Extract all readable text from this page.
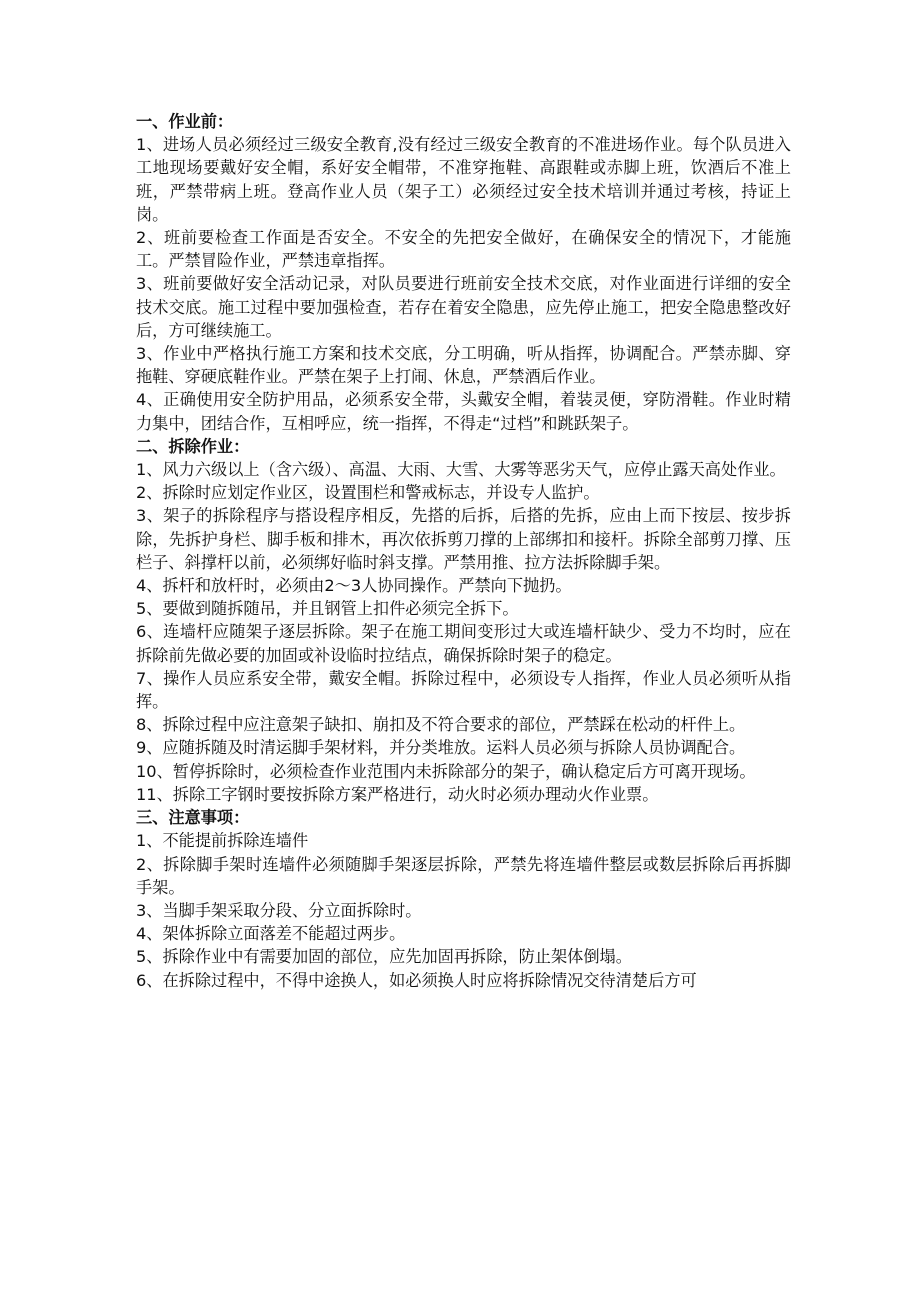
一、作业前：
1、进场人员必须经过三级安全教育,没有经过三级安全教育的不准进场作业。每个队员进入工地现场要戴好安全帽，系好安全帽带，不准穿拖鞋、高跟鞋或赤脚上班，饮酒后不准上班，严禁带病上班。登高作业人员（架子工）必须经过安全技术培训并通过考核，持证上岗。
2、班前要检查工作面是否安全。不安全的先把安全做好，在确保安全的情况下，才能施工。严禁冒险作业，严禁违章指挥。
3、班前要做好安全活动记录，对队员要进行班前安全技术交底，对作业面进行详细的安全技术交底。施工过程中要加强检查，若存在着安全隐患，应先停止施工，把安全隐患整改好后，方可继续施工。
3、作业中严格执行施工方案和技术交底，分工明确，听从指挥，协调配合。严禁赤脚、穿拖鞋、穿硬底鞋作业。严禁在架子上打闹、休息，严禁酒后作业。
4、正确使用安全防护用品，必须系安全带，头戴安全帽，着装灵便，穿防滑鞋。作业时精力集中，团结合作，互相呼应，统一指挥，不得走“过档”和跳跃架子。
二、拆除作业：
1、风力六级以上（含六级）、高温、大雨、大雪、大雾等恶劣天气，应停止露天高处作业。
2、拆除时应划定作业区，设置围栏和警戒标志，并设专人监护。
3、架子的拆除程序与搭设程序相反，先搭的后拆，后搭的先拆，应由上而下按层、按步拆除，先拆护身栏、脚手板和排木，再次依拆剪刀撑的上部绑扣和接杆。拆除全部剪刀撑、压栏子、斜撑杆以前，必须绑好临时斜支撑。严禁用推、拉方法拆除脚手架。
4、拆杆和放杆时，必须由2～3人协同操作。严禁向下抛扔。
5、要做到随拆随吊，并且钢管上扣件必须完全拆下。
6、连墙杆应随架子逐层拆除。架子在施工期间变形过大或连墙杆缺少、受力不均时，应在拆除前先做必要的加固或补设临时拉结点，确保拆除时架子的稳定。
7、操作人员应系安全带，戴安全帽。拆除过程中，必须设专人指挥，作业人员必须听从指挥。
8、拆除过程中应注意架子缺扣、崩扣及不符合要求的部位，严禁踩在松动的杆件上。
9、应随拆随及时清运脚手架材料，并分类堆放。运料人员必须与拆除人员协调配合。
10、暂停拆除时，必须检查作业范围内未拆除部分的架子，确认稳定后方可离开现场。
11、拆除工字钢时要按拆除方案严格进行，动火时必须办理动火作业票。
三、注意事项：
1、不能提前拆除连墙件
2、拆除脚手架时连墙件必须随脚手架逐层拆除，严禁先将连墙件整层或数层拆除后再拆脚手架。
3、当脚手架采取分段、分立面拆除时。
4、架体拆除立面落差不能超过两步。
5、拆除作业中有需要加固的部位，应先加固再拆除，防止架体倒塌。
6、在拆除过程中，不得中途换人，如必须换人时应将拆除情况交待清楚后方可
